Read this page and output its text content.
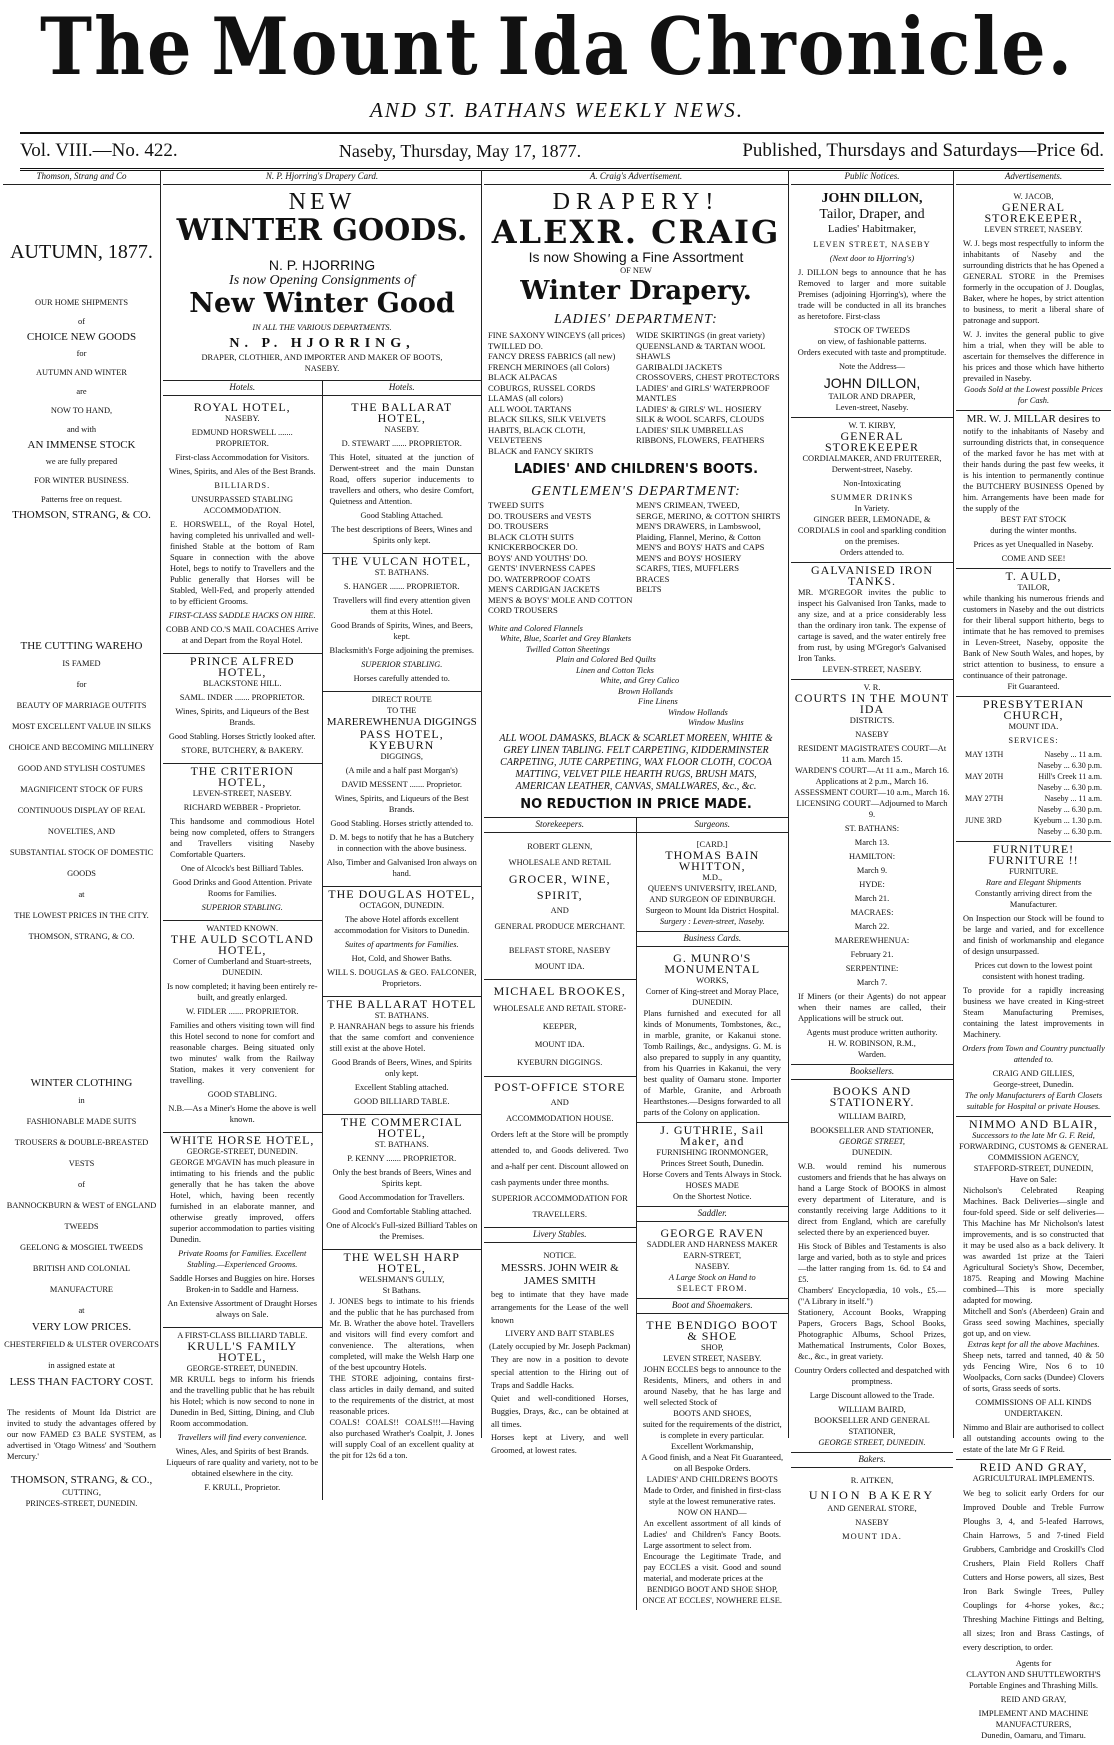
The Mount Ida Chronicle.
AND ST. BATHANS WEEKLY NEWS.
Vol. VIII.—No. 422.	Naseby, Thursday, May 17, 1877.	Published, Thursdays and Saturdays—Price 6d.
Thomson, Strang and Co
AUTUMN, 1877.
OUR HOME SHIPMENTS
of
CHOICE NEW GOODS
for
AUTUMN AND WINTER
are
NOW TO HAND,
and with
AN IMMENSE STOCK
we are fully prepared
FOR WINTER BUSINESS.
Patterns free on request.
THOMSON, STRANG, & CO.
THE CUTTING WAREHO
IS FAMED
for
BEAUTY OF MARRIAGE OUTFITS
MOST EXCELLENT VALUE IN SILKS
CHOICE AND BECOMING MILLINERY
GOOD AND STYLISH COSTUMES
MAGNIFICENT STOCK OF FURS
CONTINUOUS DISPLAY OF REAL NOVELTIES, AND
SUBSTANTIAL STOCK OF DOMESTIC GOODS
at
THE LOWEST PRICES IN THE CITY.
THOMSON, STRANG, & CO.
WINTER CLOTHING
in
FASHIONABLE MADE SUITS
TROUSERS & DOUBLE-BREASTED VESTS
of
BANNOCKBURN & WEST of ENGLAND TWEEDS
GEELONG & MOSGIEL TWEEDS
BRITISH AND COLONIAL MANUFACTURE
at
VERY LOW PRICES.
CHESTERFIELD & ULSTER OVERCOATS
in assigned estate at
LESS THAN FACTORY COST.
The residents of Mount Ida District are invited to study the advantages offered by our now FAMED £3 BALE SYSTEM, as advertised in 'Otago Witness' and 'Southern Mercury.'
THOMSON, STRANG, & CO.,
CUTTING,
PRINCES-STREET, DUNEDIN.
N. P. Hjorring's Drapery Card.
NEW
WINTER GOODS.
N. P. HJORRING
Is now Opening Consignments of
New Winter Good
IN ALL THE VARIOUS DEPARTMENTS.
N. P. HJORRING,
DRAPER, CLOTHIER, AND IMPORTER AND MAKER OF BOOTS,
NASEBY.
Hotels.
ROYAL HOTEL,
NASEBY.
EDMUND HORSWELL ....... PROPRIETOR.
First-class Accommodation for Visitors.
Wines, Spirits, and Ales of the Best Brands.
BILLIARDS.
UNSURPASSED STABLING ACCOMMODATION.
E. HORSWELL, of the Royal Hotel, having completed his unrivalled and well-finished Stable at the bottom of Ram Square in connection with the above Hotel, begs to notify to Travellers and the Public generally that Horses will be Stabled, Well-Fed, and properly attended to by efficient Grooms.
FIRST-CLASS SADDLE HACKS ON HIRE.
COBB AND CO.'S MAIL COACHES Arrive at and Depart from the Royal Hotel.
PRINCE ALFRED HOTEL,
BLACKSTONE HILL.
SAML. INDER ....... PROPRIETOR.
Wines, Spirits, and Liqueurs of the Best Brands.
Good Stabling. Horses Strictly looked after.
STORE, BUTCHERY, & BAKERY.
THE CRITERION HOTEL,
LEVEN-STREET, NASEBY.
RICHARD WEBBER - Proprietor.
This handsome and commodious Hotel being now completed, offers to Strangers and Travellers visiting Naseby Comfortable Quarters.
One of Alcock's best Billiard Tables.
Good Drinks and Good Attention. Private Rooms for Families.
SUPERIOR STABLING.
WANTED KNOWN.
THE AULD SCOTLAND HOTEL,
Corner of Cumberland and Stuart-streets, DUNEDIN.
Is now completed; it having been entirely re-built, and greatly enlarged.
W. FIDLER ....... PROPRIETOR.
Families and others visiting town will find this Hotel second to none for comfort and reasonable charges. Being situated only two minutes' walk from the Railway Station, makes it very convenient for travelling.
GOOD STABLING.
N.B.—As a Miner's Home the above is well known.
WHITE HORSE HOTEL,
GEORGE-STREET, DUNEDIN.
GEORGE M'GAVIN has much pleasure in intimating to his friends and the public generally that he has taken the above Hotel, which, having been recently furnished in an elaborate manner, and otherwise greatly improved, offers superior accommodation to parties visiting Dunedin.
Private Rooms for Families. Excellent Stabling.—Experienced Grooms.
Saddle Horses and Buggies on hire. Horses Broken-in to Saddle and Harness.
An Extensive Assortment of Draught Horses always on Sale.
A FIRST-CLASS BILLIARD TABLE.
KRULL'S FAMILY HOTEL,
GEORGE-STREET, DUNEDIN.
MR KRULL begs to inform his friends and the travelling public that he has rebuilt his Hotel; which is now second to none in Dunedin in Bed, Sitting, Dining, and Club Room accommodation.
Travellers will find every convenience.
Wines, Ales, and Spirits of best Brands. Liqueurs of rare quality and variety, not to be obtained elsewhere in the city.
F. KRULL, Proprietor.
Hotels.
THE BALLARAT HOTEL,
NASEBY.
D. STEWART ....... PROPRIETOR.
This Hotel, situated at the junction of Derwent-street and the main Dunstan Road, offers superior inducements to travellers and others, who desire Comfort, Quietness and Attention.
Good Stabling Attached.
The best descriptions of Beers, Wines and Spirits only kept.
THE VULCAN HOTEL,
ST. BATHANS.
S. HANGER ....... PROPRIETOR.
Travellers will find every attention given them at this Hotel.
Good Brands of Spirits, Wines, and Beers, kept.
Blacksmith's Forge adjoining the premises.
SUPERIOR STABLING.
Horses carefully attended to.
DIRECT ROUTE
TO THE
MAREREWHENUA DIGGINGS
PASS HOTEL, KYEBURN
DIGGINGS,
(A mile and a half past Morgan's)
DAVID MESSENT ....... Proprietor.
Wines, Spirits, and Liqueurs of the Best Brands.
Good Stabling. Horses strictly attended to.
D. M. begs to notify that he has a Butchery in connection with the above business.
Also, Timber and Galvanised Iron always on hand.
THE DOUGLAS HOTEL,
OCTAGON, DUNEDIN.
The above Hotel affords excellent accommodation for Visitors to Dunedin.
Suites of apartments for Families.
Hot, Cold, and Shower Baths.
WILL S. DOUGLAS & GEO. FALCONER, Proprietors.
THE BALLARAT HOTEL
ST. BATHANS.
P. HANRAHAN begs to assure his friends that the same comfort and convenience still exist at the above Hotel.
Good Brands of Beers, Wines, and Spirits only kept.
Excellent Stabling attached.
GOOD BILLIARD TABLE.
THE COMMERCIAL HOTEL,
ST. BATHANS.
P. KENNY ....... PROPRIETOR.
Only the best brands of Beers, Wines and Spirits kept.
Good Accommodation for Travellers.
Good and Comfortable Stabling attached.
One of Alcock's Full-sized Billiard Tables on the Premises.
THE WELSH HARP HOTEL,
WELSHMAN'S GULLY,
St Bathans.
J. JONES begs to intimate to his friends and the public that he has purchased from Mr. B. Wrather the above hotel. Travellers and visitors will find every comfort and convenience. The alterations, when completed, will make the Welsh Harp one of the best upcountry Hotels.
THE STORE adjoining, contains first-class articles in daily demand, and suited to the requirements of the district, at most reasonable prices.
COALS! COALS!! COALS!!!—Having also purchased Wrather's Coalpit, J. Jones will supply Coal of an excellent quality at the pit for 12s 6d a ton.
A. Craig's Advertisement.
DRAPERY!
ALEXR. CRAIG
Is now Showing a Fine Assortment
OF NEW
Winter Drapery.
LADIES' DEPARTMENT:
FINE SAXONY WINCEYS (all prices)
TWILLED DO.
FANCY DRESS FABRICS (all new)
FRENCH MERINOES (all Colors)
BLACK ALPACAS
COBURGS, RUSSEL CORDS
LLAMAS (all colors)
ALL WOOL TARTANS
BLACK SILKS, SILK VELVETS
HABITS, BLACK CLOTH, VELVETEENS
BLACK and FANCY SKIRTS
WIDE SKIRTINGS (in great variety)
QUEENSLAND & TARTAN WOOL SHAWLS
GARIBALDI JACKETS
CROSSOVERS, CHEST PROTECTORS
LADIES' and GIRLS' WATERPROOF MANTLES
LADIES' & GIRLS' WL. HOSIERY
SILK & WOOL SCARFS, CLOUDS
LADIES' SILK UMBRELLAS
RIBBONS, FLOWERS, FEATHERS
LADIES' AND CHILDREN'S BOOTS.
GENTLEMEN'S DEPARTMENT:
TWEED SUITS
DO. TROUSERS and VESTS
DO. TROUSERS
BLACK CLOTH SUITS
KNICKERBOCKER DO.
BOYS' AND YOUTHS' DO.
GENTS' INVERNESS CAPES
DO. WATERPROOF COATS
MEN'S CARDIGAN JACKETS
MEN'S & BOYS' MOLE AND COTTON CORD TROUSERS
MEN'S CRIMEAN, TWEED,
SERGE, MERINO, & COTTON SHIRTS
MEN'S DRAWERS, in Lambswool, Plaiding, Flannel, Merino, & Cotton
MEN'S and BOYS' HATS and CAPS
MEN'S and BOYS' HOSIERY
SCARFS, TIES, MUFFLERS
BRACES
BELTS
White and Colored Flannels
White, Blue, Scarlet and Grey Blankets
Twilled Cotton Sheetings
Plain and Colored Bed Quilts
Linen and Cotton Ticks
White, and Grey Calico
Brown Hollands
Fine Linens
Window Hollands
Window Muslins
ALL WOOL DAMASKS, BLACK & SCARLET MOREEN, WHITE & GREY LINEN TABLING. FELT CARPETING, KIDDERMINSTER CARPETING, JUTE CARPETING, WAX FLOOR CLOTH, COCOA MATTING, VELVET PILE HEARTH RUGS, BRUSH MATS, AMERICAN LEATHER, CANVAS, SMALLWARES, &c., &c.
NO REDUCTION IN PRICE MADE.
Storekeepers.
ROBERT GLENN,
WHOLESALE AND RETAIL
GROCER, WINE, SPIRIT,
AND
GENERAL PRODUCE MERCHANT.
BELFAST STORE, NASEBY
MOUNT IDA.
MICHAEL BROOKES,
WHOLESALE AND RETAIL STORE-
KEEPER,
MOUNT IDA.
KYEBURN DIGGINGS.
POST-OFFICE STORE
AND
ACCOMMODATION HOUSE.
Orders left at the Store will be promptly attended to, and Goods delivered. Two and a-half per cent. Discount allowed on cash payments under three months.
SUPERIOR ACCOMMODATION FOR TRAVELLERS.
Livery Stables.
NOTICE.
MESSRS. JOHN WEIR & JAMES SMITH
beg to intimate that they have made arrangements for the Lease of the well known
LIVERY AND BAIT STABLES
(Lately occupied by Mr. Joseph Packman)
They are now in a position to devote special attention to the Hiring out of Traps and Saddle Hacks.
Quiet and well-conditioned Horses, Buggies, Drays, &c., can be obtained at all times.
Horses kept at Livery, and well Groomed, at lowest rates.
Surgeons.
[CARD.]
THOMAS BAIN WHITTON,
M.D.,
QUEEN'S UNIVERSITY, IRELAND, AND SURGEON OF EDINBURGH.
Surgeon to Mount Ida District Hospital.
Surgery : Leven-street, Naseby.
Business Cards.
G. MUNRO'S MONUMENTAL
WORKS,
Corner of King-street and Moray Place,
DUNEDIN.
Plans furnished and executed for all kinds of Monuments, Tombstones, &c., in marble, granite, or Kakanui stone. Tomb Railings, &c., andysigns. G. M. is also prepared to supply in any quantity, from his Quarries in Kakanui, the very best quality of Oamaru stone. Importer of Marble, Granite, and Arbroath Hearthstones.—Designs forwarded to all parts of the Colony on application.
J. GUTHRIE, Sail Maker, and
FURNISHING IRONMONGER,
Princes Street South, Dunedin.
Horse Covers and Tents Always in Stock.
HOSES MADE
On the Shortest Notice.
Saddler.
GEORGE RAVEN
SADDLER AND HARNESS MAKER
EARN-STREET,
NASEBY.
A Large Stock on Hand to
SELECT FROM.
Boot and Shoemakers.
THE BENDIGO BOOT & SHOE
SHOP,
LEVEN STREET, NASEBY.
JOHN ECCLES begs to announce to the Residents, Miners, and others in and around Naseby, that he has large and well selected Stock of
BOOTS AND SHOES,
suited for the requirements of the district, is complete in every particular.
Excellent Workmanship,
A Good finish, and a Neat Fit Guaranteed, on all Bespoke Orders.
LADIES' AND CHILDREN'S BOOTS
Made to Order, and finished in first-class style at the lowest remunerative rates.
NOW ON HAND—
An excellent assortment of all kinds of Ladies' and Children's Fancy Boots. Large assortment to select from.
Encourage the Legitimate Trade, and pay ECCLES a visit. Good and sound material, and moderate prices at the
BENDIGO BOOT AND SHOE SHOP,
ONCE AT ECCLES', NOWHERE ELSE.
Public Notices.
JOHN DILLON,
Tailor, Draper, and
Ladies' Habitmaker,
LEVEN STREET, NASEBY
(Next door to Hjorring's)
J. DILLON begs to announce that he has Removed to larger and more suitable Premises (adjoining Hjorring's), where the trade will be conducted in all its branches as heretofore. First-class
STOCK OF TWEEDS
on view, of fashionable patterns.
Orders executed with taste and promptitude.
Note the Address—
JOHN DILLON,
TAILOR AND DRAPER,
Leven-street, Naseby.
W. T. KIRBY,
GENERAL STOREKEEPER
CORDIALMAKER, AND FRUITERER,
Derwent-street, Naseby.
Non-Intoxicating
SUMMER DRINKS
In Variety.
GINGER BEER, LEMONADE, & CORDIALS in cool and sparkling condition on the premises.
Orders attended to.
GALVANISED IRON TANKS.
MR. M'GREGOR invites the public to inspect his Galvanised Iron Tanks, made to any size, and at a price considerably less than the ordinary iron tank. The expense of cartage is saved, and the water entirely free from rust, by using M'Gregor's Galvanised Iron Tanks.
LEVEN-STREET, NASEBY.
V. R.
COURTS IN THE MOUNT IDA
DISTRICTS.
NASEBY
RESIDENT MAGISTRATE'S COURT—At 11 a.m. March 15.
WARDEN'S COURT—At 11 a.m., March 16.
Applications at 2 p.m., March 16.
ASSESSMENT COURT—10 a.m., March 16.
LICENSING COURT—Adjourned to March 9.
ST. BATHANS:
March 13.
HAMILTON:
March 9.
HYDE:
March 21.
MACRAES:
March 22.
MAREREWHENUA:
February 21.
SERPENTINE:
March 7.
If Miners (or their Agents) do not appear when their names are called, their Applications will be struck out.
Agents must produce written authority.
H. W. ROBINSON, R.M.,
Warden.
Booksellers.
BOOKS AND STATIONERY.
WILLIAM BAIRD,
BOOKSELLER AND STATIONER,
GEORGE STREET,
DUNEDIN.
W.B. would remind his numerous customers and friends that he has always on hand a Large Stock of BOOKS in almost every department of Literature, and is constantly receiving large Additions to it direct from England, which are carefully selected there by an experienced buyer.
His Stock of Bibles and Testaments is also large and varied, both as to style and prices—the latter ranging from 1s. 6d. to £4 and £5.
Chambers' Encyclopædia, 10 vols., £5.—("A Library in itself.")
Stationery, Account Books, Wrapping Papers, Grocers Bags, School Books, Photographic Albums, School Prizes, Mathematical Instruments, Color Boxes, &c., &c., in great variety.
Country Orders collected and despatched with promptness.
Large Discount allowed to the Trade.
WILLIAM BAIRD,
BOOKSELLER AND GENERAL STATIONER,
GEORGE STREET, DUNEDIN.
Bakers.
R. AITKEN,
UNION BAKERY
AND GENERAL STORE,
NASEBY
MOUNT IDA.
Advertisements.
W. JACOB,
GENERAL STOREKEEPER,
LEVEN STREET, NASEBY.
W. J. begs most respectfully to inform the inhabitants of Naseby and the surrounding districts that he has Opened a GENERAL STORE in the Premises formerly in the occupation of J. Douglas, Baker, where he hopes, by strict attention to business, to merit a liberal share of patronage and support.
W. J. invites the general public to give him a trial, when they will be able to ascertain for themselves the difference in his prices and those which have hitherto prevailed in Naseby.
Goods Sold at the Lowest possible Prices for Cash.
MR. W. J. MILLAR desires to
notify to the inhabitants of Naseby and surrounding districts that, in consequence of the marked favor he has met with at their hands during the past few weeks, it is his intention to permanently continue the BUTCHERY BUSINESS Opened by him. Arrangements have been made for the supply of the
BEST FAT STOCK
during the winter months.
Prices as yet Unequalled in Naseby.
COME AND SEE!
T. AULD,
TAILOR,
while thanking his numerous friends and customers in Naseby and the out districts for their liberal support hitherto, begs to intimate that he has removed to premises in Leven-Street, Naseby, opposite the Bank of New South Wales, and hopes, by strict attention to business, to ensure a continuance of their patronage.
Fit Guaranteed.
PRESBYTERIAN CHURCH,
MOUNT IDA.
SERVICES:
MAY 13TH	Naseby ... 11 a.m.
Naseby ... 6.30 p.m.
MAY 20TH	Hill's Creek 11 a.m.
Naseby ... 6.30 p.m.
MAY 27TH	Naseby ... 11 a.m.
Naseby ... 6.30 p.m.
JUNE 3RD	Kyeburn ... 1.30 p.m.
Naseby ... 6.30 p.m.
FURNITURE! FURNITURE !!
FURNITURE.
Rare and Elegant Shipments
Constantly arriving direct from the Manufacturer.
On Inspection our Stock will be found to be large and varied, and for excellence and finish of workmanship and elegance of design unsurpassed.
Prices cut down to the lowest point consistent with honest trading.
To provide for a rapidly increasing business we have created in King-street Steam Manufacturing Premises, containing the latest improvements in Machinery.
Orders from Town and Country punctually attended to.
CRAIG AND GILLIES,
George-street, Dunedin.
The only Manufacturers of Earth Closets suitable for Hospital or private Houses.
NIMMO AND BLAIR,
Successors to the late Mr G. F. Reid,
FORWARDING, CUSTOMS & GENERAL COMMISSION AGENCY,
STAFFORD-STREET, DUNEDIN,
Have on Sale:
Nicholson's Celebrated Reaping Machines. Back Deliveries—single and four-fold speed. Side or self deliveries—This Machine has Mr Nicholson's latest improvements, and is so constructed that it may be used also as a back delivery. It was awarded 1st prize at the Taieri Agricultural Society's Show, December, 1875. Reaping and Mowing Machine combined—This is more specially adapted for mowing.
Mitchell and Son's (Aberdeen) Grain and Grass seed sowing Machines, specially got up, and on view.
Extras kept for all the above Machines.
Sheep nets, tarred and tanned, 40 & 50 yds Fencing Wire, Nos 6 to 10 Woolpacks, Corn sacks (Dundee) Clovers of sorts, Grass seeds of sorts.
COMMISSIONS OF ALL KINDS UNDERTAKEN.
Nimmo and Blair are authorised to collect all outstanding accounts owing to the estate of the late Mr G F Reid.
REID AND GRAY,
AGRICULTURAL IMPLEMENTS.
We beg to solicit early Orders for our Improved Double and Treble Furrow Ploughs 3, 4, and 5-leafed Harrows, Chain Harrows, 5 and 7-tined Field Grubbers, Cambridge and Croskill's Clod Crushers, Plain Field Rollers Chaff Cutters and Horse powers, all sizes, Best Iron Bark Swingle Trees, Pulley Couplings for 4-horse yokes, &c.; Threshing Machine Fittings and Belting, all sizes; Iron and Brass Castings, of every description, to order.
Agents for
CLAYTON AND SHUTTLEWORTH'S
Portable Engines and Thrashing Mills.
REID AND GRAY,
IMPLEMENT AND MACHINE MANUFACTURERS,
Dunedin, Oamaru, and Timaru.
